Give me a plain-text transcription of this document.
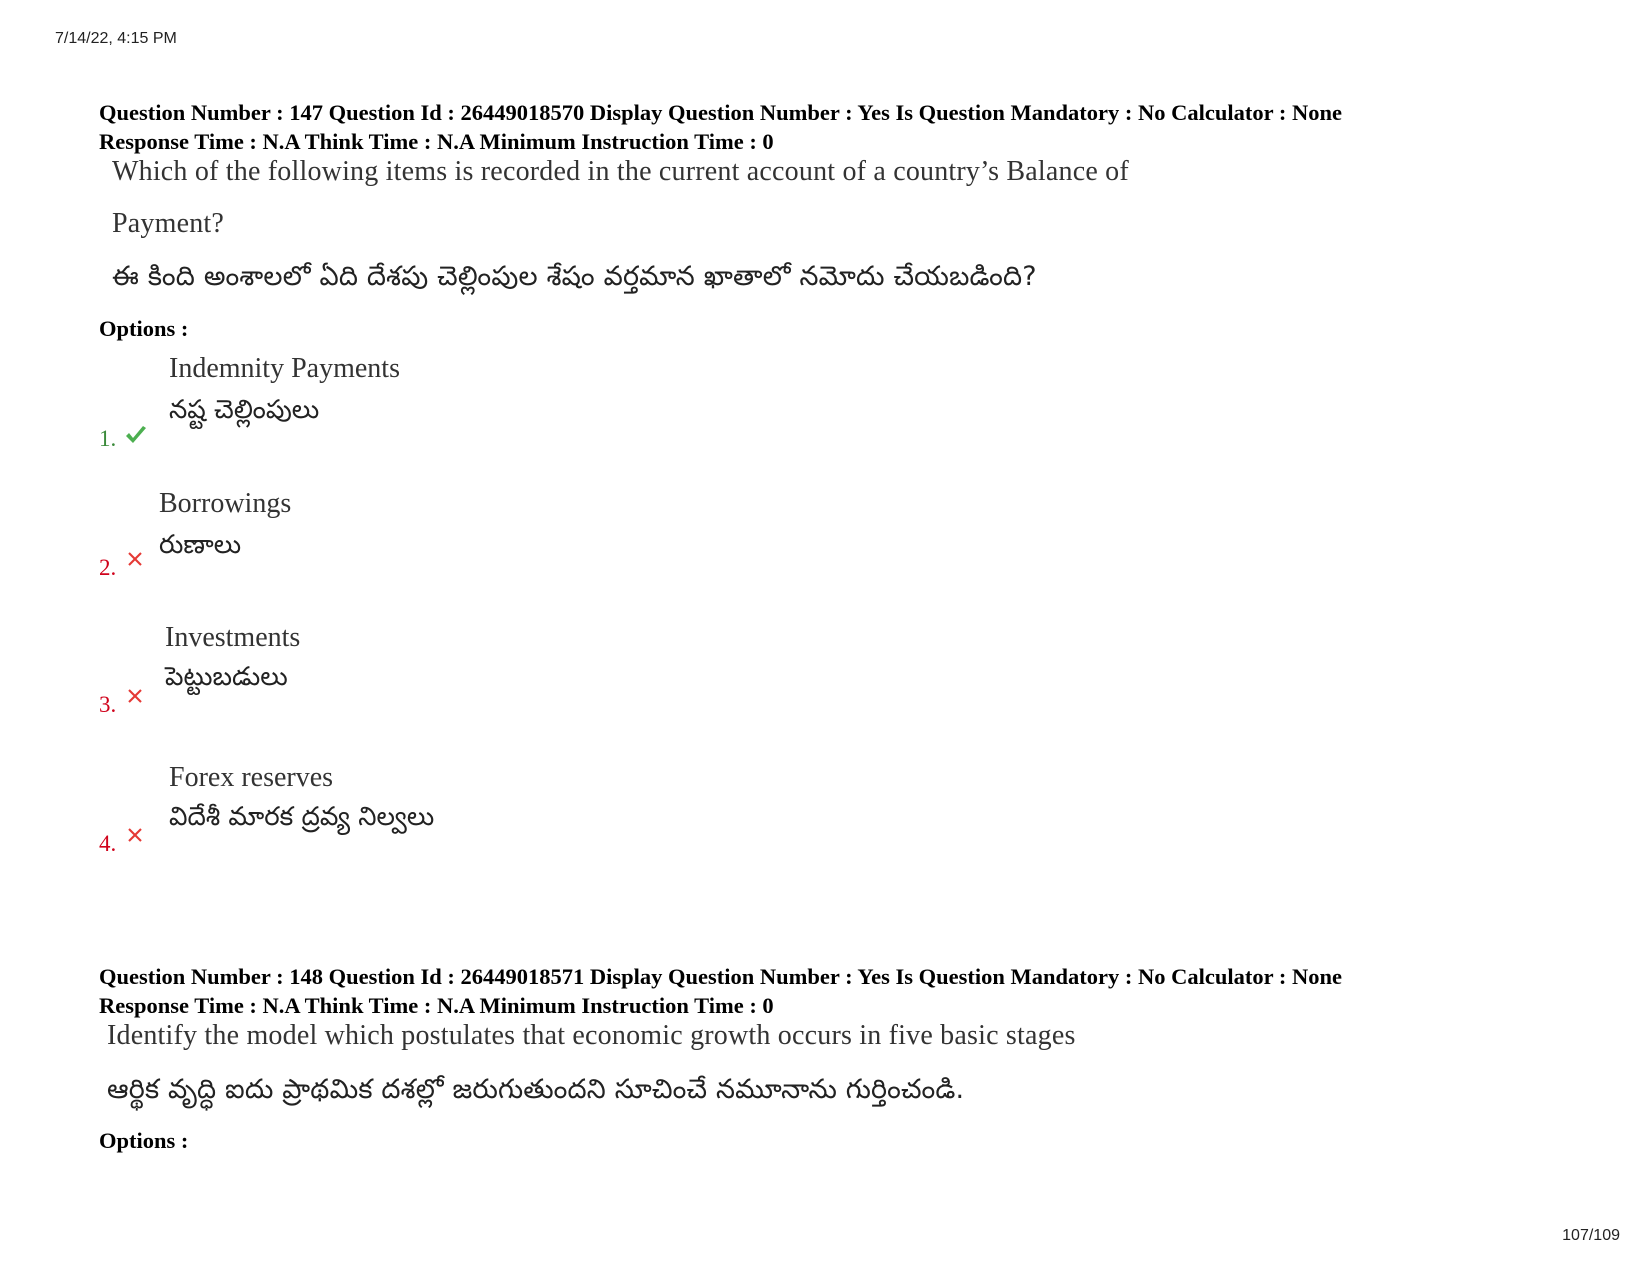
7/14/22, 4:15 PM
Question Number : 147 Question Id : 26449018570 Display Question Number : Yes Is Question Mandatory : No Calculator : None
Response Time : N.A Think Time : N.A Minimum Instruction Time : 0
Which of the following items is recorded in the current account of a country’s Balance of
Payment?
ఈ కింది అంశాలలో ఏది దేశపు చెల్లింపుల శేషం వర్తమాన ఖాతాలో నమోదు చేయబడింది?
Options :
Indemnity Payments
నష్ట చెల్లింపులు
1.
Borrowings
రుణాలు
2.
Investments
పెట్టుబడులు
3.
Forex reserves
విదేశీ మారక ద్రవ్య నిల్వలు
4.
Question Number : 148 Question Id : 26449018571 Display Question Number : Yes Is Question Mandatory : No Calculator : None
Response Time : N.A Think Time : N.A Minimum Instruction Time : 0
Identify the model which postulates that economic growth occurs in five basic stages
ఆర్థిక వృద్ధి ఐదు ప్రాథమిక దశల్లో జరుగుతుందని సూచించే నమూనాను గుర్తించండి.
Options :
107/109
